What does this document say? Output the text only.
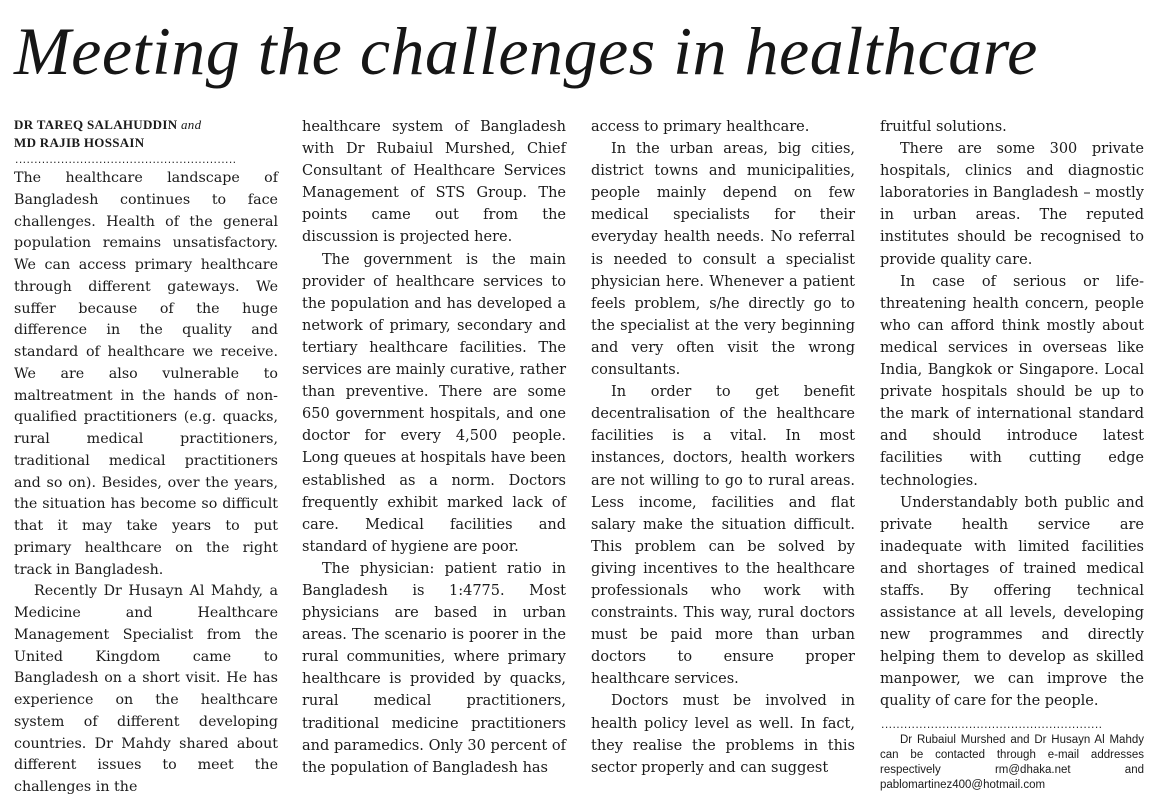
Meeting the challenges in healthcare
DR TAREQ SALAHUDDIN and
MD RAJIB HOSSAIN
..........................................................

The healthcare landscape of Bangladesh continues to face challenges. Health of the general population remains unsatisfactory. We can access primary healthcare through different gateways. We suffer because of the huge difference in the quality and standard of healthcare we receive. We are also vulnerable to maltreatment in the hands of non-qualified practitioners (e.g. quacks, rural medical practitioners, traditional medical practitioners and so on). Besides, over the years, the situation has become so difficult that it may take years to put primary healthcare on the right track in Bangladesh.

Recently Dr Husayn Al Mahdy, a Medicine and Healthcare Management Specialist from the United Kingdom came to Bangladesh on a short visit. He has experience on the healthcare system of different developing countries. Dr Mahdy shared about different issues to meet the challenges in the

healthcare system of Bangladesh with Dr Rubaiul Murshed, Chief Consultant of Healthcare Services Management of STS Group. The points came out from the discussion is projected here.

The government is the main provider of healthcare services to the population and has developed a network of primary, secondary and tertiary healthcare facilities. The services are mainly curative, rather than preventive. There are some 650 government hospitals, and one doctor for every 4,500 people. Long queues at hospitals have been established as a norm. Doctors frequently exhibit marked lack of care. Medical facilities and standard of hygiene are poor.

The physician: patient ratio in Bangladesh is 1:4775. Most physicians are based in urban areas. The scenario is poorer in the rural communities, where primary healthcare is provided by quacks, rural medical practitioners, traditional medicine practitioners and paramedics. Only 30 percent of the population of Bangladesh has

access to primary healthcare.

In the urban areas, big cities, district towns and municipalities, people mainly depend on few medical specialists for their everyday health needs. No referral is needed to consult a specialist physician here. Whenever a patient feels problem, s/he directly go to the specialist at the very beginning and very often visit the wrong consultants.

In order to get benefit decentralisation of the healthcare facilities is a vital. In most instances, doctors, health workers are not willing to go to rural areas. Less income, facilities and flat salary make the situation difficult. This problem can be solved by giving incentives to the healthcare professionals who work with constraints. This way, rural doctors must be paid more than urban doctors to ensure proper healthcare services.

Doctors must be involved in health policy level as well. In fact, they realise the problems in this sector properly and can suggest

fruitful solutions.

There are some 300 private hospitals, clinics and diagnostic laboratories in Bangladesh – mostly in urban areas. The reputed institutes should be recognised to provide quality care.

In case of serious or life-threatening health concern, people who can afford think mostly about medical services in overseas like India, Bangkok or Singapore. Local private hospitals should be up to the mark of international standard and should introduce latest facilities with cutting edge technologies.

Understandably both public and private health service are inadequate with limited facilities and shortages of trained medical staffs. By offering technical assistance at all levels, developing new programmes and directly helping them to develop as skilled manpower, we can improve the quality of care for the people.

..........................................................

Dr Rubaiul Murshed and Dr Husayn Al Mahdy can be contacted through e-mail addresses respectively rm@dhaka.net and pablomartinez400@hotmail.com
